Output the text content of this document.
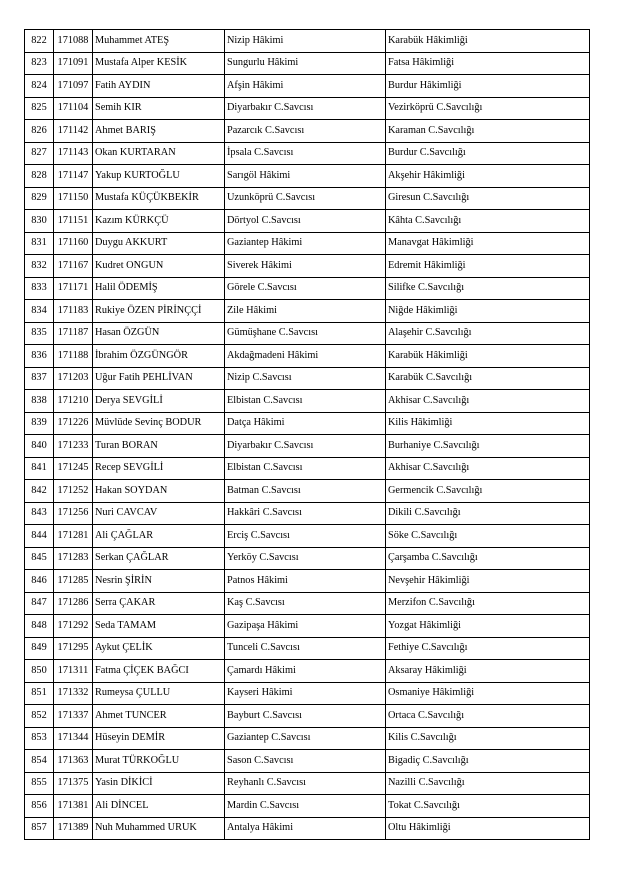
822	171088	Muhammet ATEŞ	Nizip Hâkimi	Karabük Hâkimliği
823	171091	Mustafa Alper KESİK	Sungurlu Hâkimi	Fatsa Hâkimliği
824	171097	Fatih AYDIN	Afşin Hâkimi	Burdur Hâkimliği
825	171104	Semih KIR	Diyarbakır C.Savcısı	Vezirköprü C.Savcılığı
826	171142	Ahmet BARIŞ	Pazarcık C.Savcısı	Karaman C.Savcılığı
827	171143	Okan KURTARAN	İpsala C.Savcısı	Burdur C.Savcılığı
828	171147	Yakup KURTOĞLU	Sarıgöl Hâkimi	Akşehir Hâkimliği
829	171150	Mustafa KÜÇÜKBEKİR	Uzunköprü C.Savcısı	Giresun C.Savcılığı
830	171151	Kazım KÜRKÇÜ	Dörtyol C.Savcısı	Kâhta C.Savcılığı
831	171160	Duygu AKKURT	Gaziantep Hâkimi	Manavgat Hâkimliği
832	171167	Kudret ONGUN	Siverek Hâkimi	Edremit Hâkimliği
833	171171	Halil ÖDEMİŞ	Görele C.Savcısı	Silifke C.Savcılığı
834	171183	Rukiye ÖZEN PİRİNÇÇİ	Zile Hâkimi	Niğde Hâkimliği
835	171187	Hasan ÖZGÜN	Gümüşhane C.Savcısı	Alaşehir C.Savcılığı
836	171188	İbrahim ÖZGÜNGÖR	Akdağmadeni Hâkimi	Karabük Hâkimliği
837	171203	Uğur Fatih PEHLİVAN	Nizip C.Savcısı	Karabük C.Savcılığı
838	171210	Derya SEVGİLİ	Elbistan C.Savcısı	Akhisar C.Savcılığı
839	171226	Müvlüde Sevinç BODUR	Datça Hâkimi	Kilis Hâkimliği
840	171233	Turan BORAN	Diyarbakır C.Savcısı	Burhaniye C.Savcılığı
841	171245	Recep SEVGİLİ	Elbistan C.Savcısı	Akhisar C.Savcılığı
842	171252	Hakan SOYDAN	Batman C.Savcısı	Germencik C.Savcılığı
843	171256	Nuri CAVCAV	Hakkâri C.Savcısı	Dikili C.Savcılığı
844	171281	Ali ÇAĞLAR	Erciş C.Savcısı	Söke C.Savcılığı
845	171283	Serkan ÇAĞLAR	Yerköy C.Savcısı	Çarşamba C.Savcılığı
846	171285	Nesrin ŞİRİN	Patnos Hâkimi	Nevşehir Hâkimliği
847	171286	Serra ÇAKAR	Kaş C.Savcısı	Merzifon C.Savcılığı
848	171292	Seda TAMAM	Gazipaşa Hâkimi	Yozgat Hâkimliği
849	171295	Aykut ÇELİK	Tunceli C.Savcısı	Fethiye C.Savcılığı
850	171311	Fatma ÇİÇEK BAĞCI	Çamardı Hâkimi	Aksaray Hâkimliği
851	171332	Rumeysa ÇULLU	Kayseri Hâkimi	Osmaniye Hâkimliği
852	171337	Ahmet TUNCER	Bayburt C.Savcısı	Ortaca C.Savcılığı
853	171344	Hüseyin DEMİR	Gaziantep C.Savcısı	Kilis C.Savcılığı
854	171363	Murat TÜRKOĞLU	Sason C.Savcısı	Bigadiç C.Savcılığı
855	171375	Yasin DİKİCİ	Reyhanlı C.Savcısı	Nazilli C.Savcılığı
856	171381	Ali DİNCEL	Mardin C.Savcısı	Tokat C.Savcılığı
857	171389	Nuh Muhammed URUK	Antalya Hâkimi	Oltu Hâkimliği
